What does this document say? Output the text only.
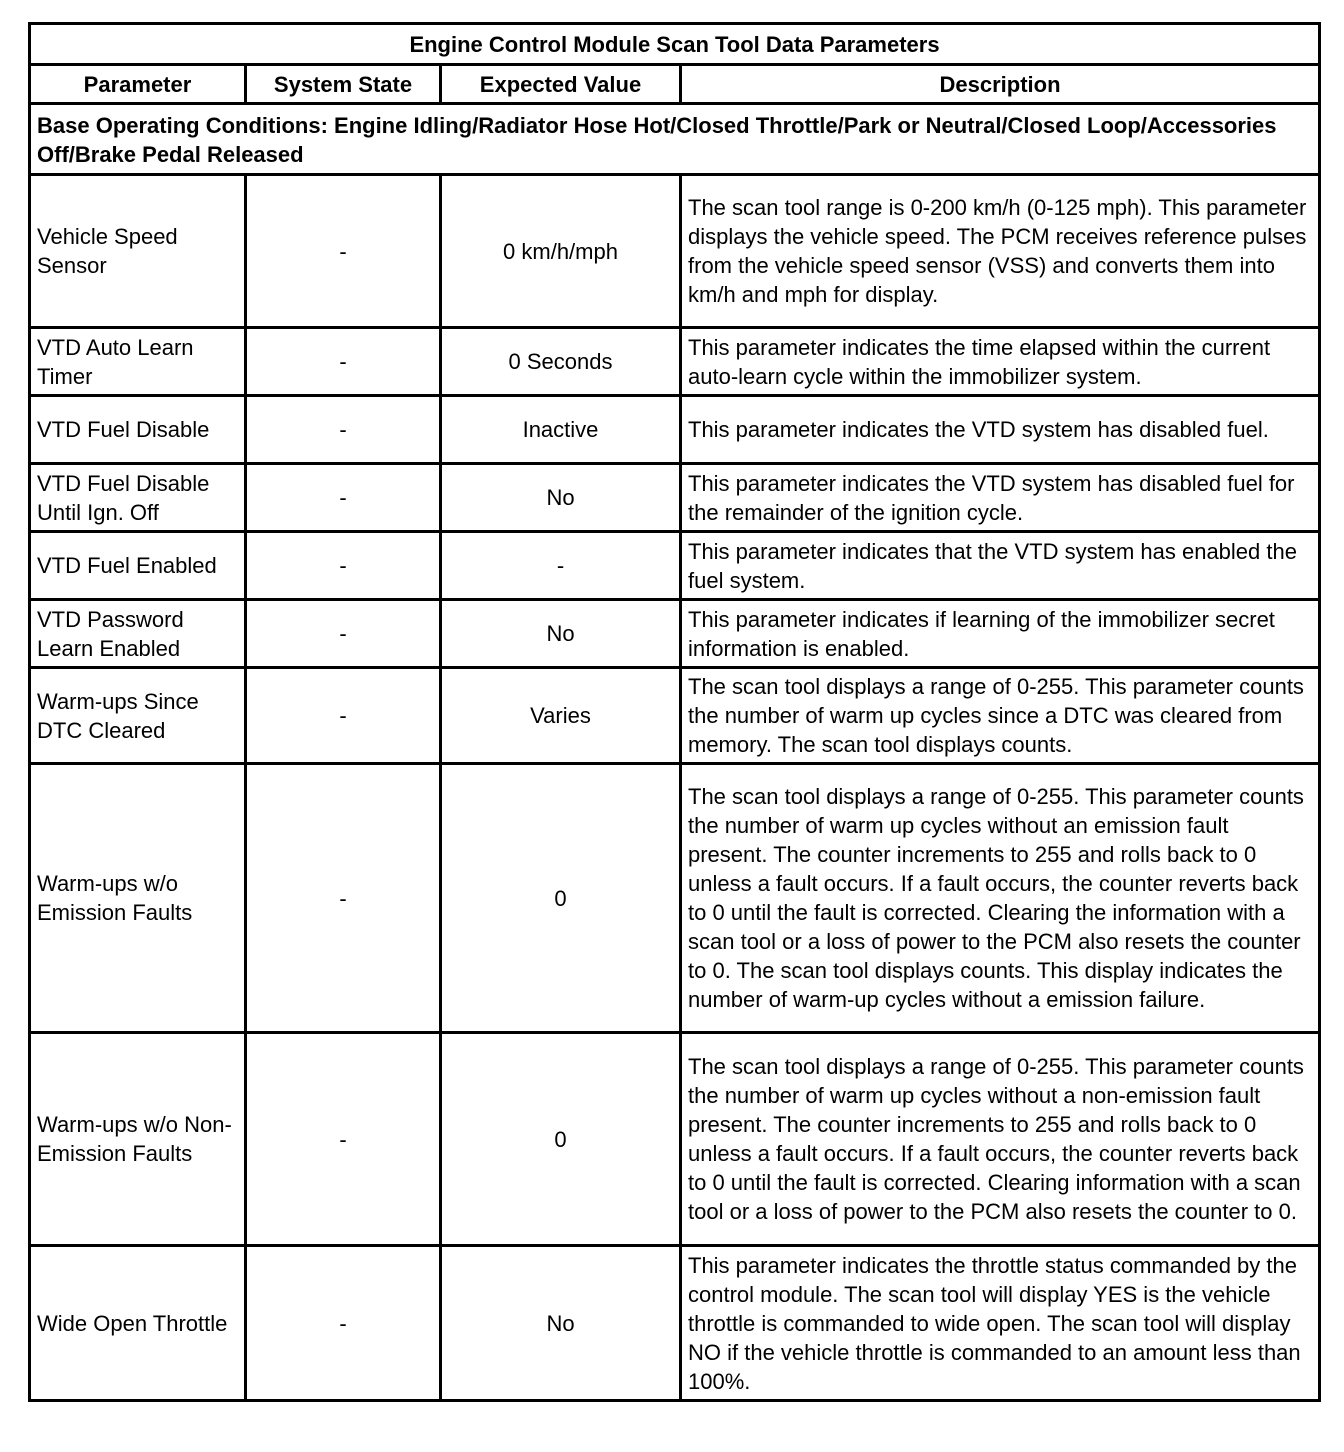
Engine Control Module Scan Tool Data Parameters			
Parameter	System State	Expected Value	Description
Base Operating Conditions: Engine Idling/Radiator Hose Hot/Closed Throttle/Park or Neutral/Closed Loop/Accessories Off/Brake Pedal Released			
Vehicle Speed Sensor	-	0 km/h/mph	The scan tool range is 0-200 km/h (0-125 mph). This parameter displays the vehicle speed. The PCM receives reference pulses from the vehicle speed sensor (VSS) and converts them into km/h and mph for display.
VTD Auto Learn Timer	-	0 Seconds	This parameter indicates the time elapsed within the current auto-learn cycle within the immobilizer system.
VTD Fuel Disable	-	Inactive	This parameter indicates the VTD system has disabled fuel.
VTD Fuel Disable Until Ign. Off	-	No	This parameter indicates the VTD system has disabled fuel for the remainder of the ignition cycle.
VTD Fuel Enabled	-	-	This parameter indicates that the VTD system has enabled the fuel system.
VTD Password Learn Enabled	-	No	This parameter indicates if learning of the immobilizer secret information is enabled.
Warm-ups Since DTC Cleared	-	Varies	The scan tool displays a range of 0-255. This parameter counts the number of warm up cycles since a DTC was cleared from memory. The scan tool displays counts.
Warm-ups w/o Emission Faults	-	0	The scan tool displays a range of 0-255. This parameter counts the number of warm up cycles without an emission fault present. The counter increments to 255 and rolls back to 0 unless a fault occurs. If a fault occurs, the counter reverts back to 0 until the fault is corrected. Clearing the information with a scan tool or a loss of power to the PCM also resets the counter to 0. The scan tool displays counts. This display indicates the number of warm-up cycles without a emission failure.
Warm-ups w/o Non-Emission Faults	-	0	The scan tool displays a range of 0-255. This parameter counts the number of warm up cycles without a non-emission fault present. The counter increments to 255 and rolls back to 0 unless a fault occurs. If a fault occurs, the counter reverts back to 0 until the fault is corrected. Clearing information with a scan tool or a loss of power to the PCM also resets the counter to 0.
Wide Open Throttle	-	No	This parameter indicates the throttle status commanded by the control module. The scan tool will display YES is the vehicle throttle is commanded to wide open. The scan tool will display NO if the vehicle throttle is commanded to an amount less than 100%.
